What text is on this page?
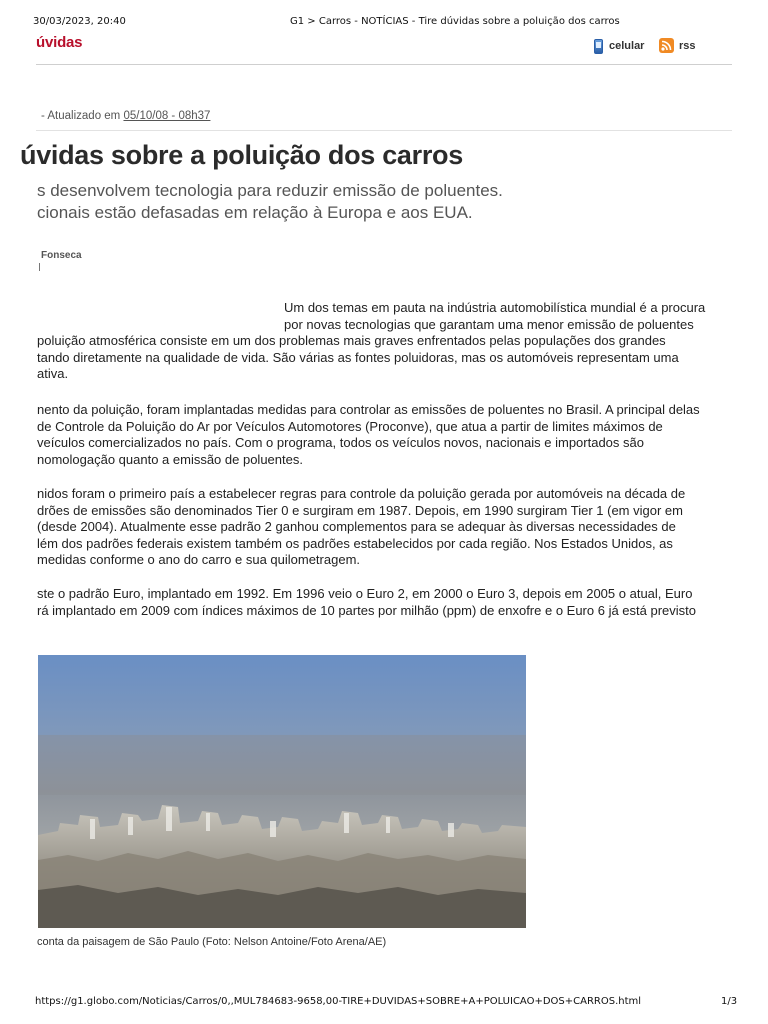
30/03/2023, 20:40	G1 > Carros - NOTÍCIAS - Tire dúvidas sobre a poluição dos carros
úvidas	celular	rss
- Atualizado em 05/10/08 - 08h37
úvidas sobre a poluição dos carros
s desenvolvem tecnologia para reduzir emissão de poluentes.
cionais estão defasadas em relação à Europa e aos EUA.
Fonseca
Um dos temas em pauta na indústria automobilística mundial é a procura
por novas tecnologias que garantam uma menor emissão de poluentes
poluição atmosférica consiste em um dos problemas mais graves enfrentados pelas populações dos grandes
tando diretamente na qualidade de vida. São várias as fontes poluidoras, mas os automóveis representam uma
ativa.
nento da poluição, foram implantadas medidas para controlar as emissões de poluentes no Brasil. A principal delas
de Controle da Poluição do Ar por Veículos Automotores (Proconve), que atua a partir de limites máximos de
veículos comercializados no país. Com o programa, todos os veículos novos, nacionais e importados são
nomologação quanto a emissão de poluentes.
nidos foram o primeiro país a estabelecer regras para controle da poluição gerada por automóveis na década de
drões de emissões são denominados Tier 0 e surgiram em 1987. Depois, em 1990 surgiram Tier 1 (em vigor em
(desde 2004). Atualmente esse padrão 2 ganhou complementos para se adequar às diversas necessidades de
lém dos padrões federais existem também os padrões estabelecidos por cada região. Nos Estados Unidos, as
medidas conforme o ano do carro e sua quilometragem.
ste o padrão Euro, implantado em 1992. Em 1996 veio o Euro 2, em 2000 o Euro 3, depois em 2005 o atual, Euro
rá implantado em 2009 com índices máximos de 10 partes por milhão (ppm) de enxofre e o Euro 6 já está previsto
conta da paisagem de São Paulo (Foto: Nelson Antoine/Foto Arena/AE)
https://g1.globo.com/Noticias/Carros/0,,MUL784683-9658,00-TIRE+DUVIDAS+SOBRE+A+POLUICAO+DOS+CARROS.html	1/3
